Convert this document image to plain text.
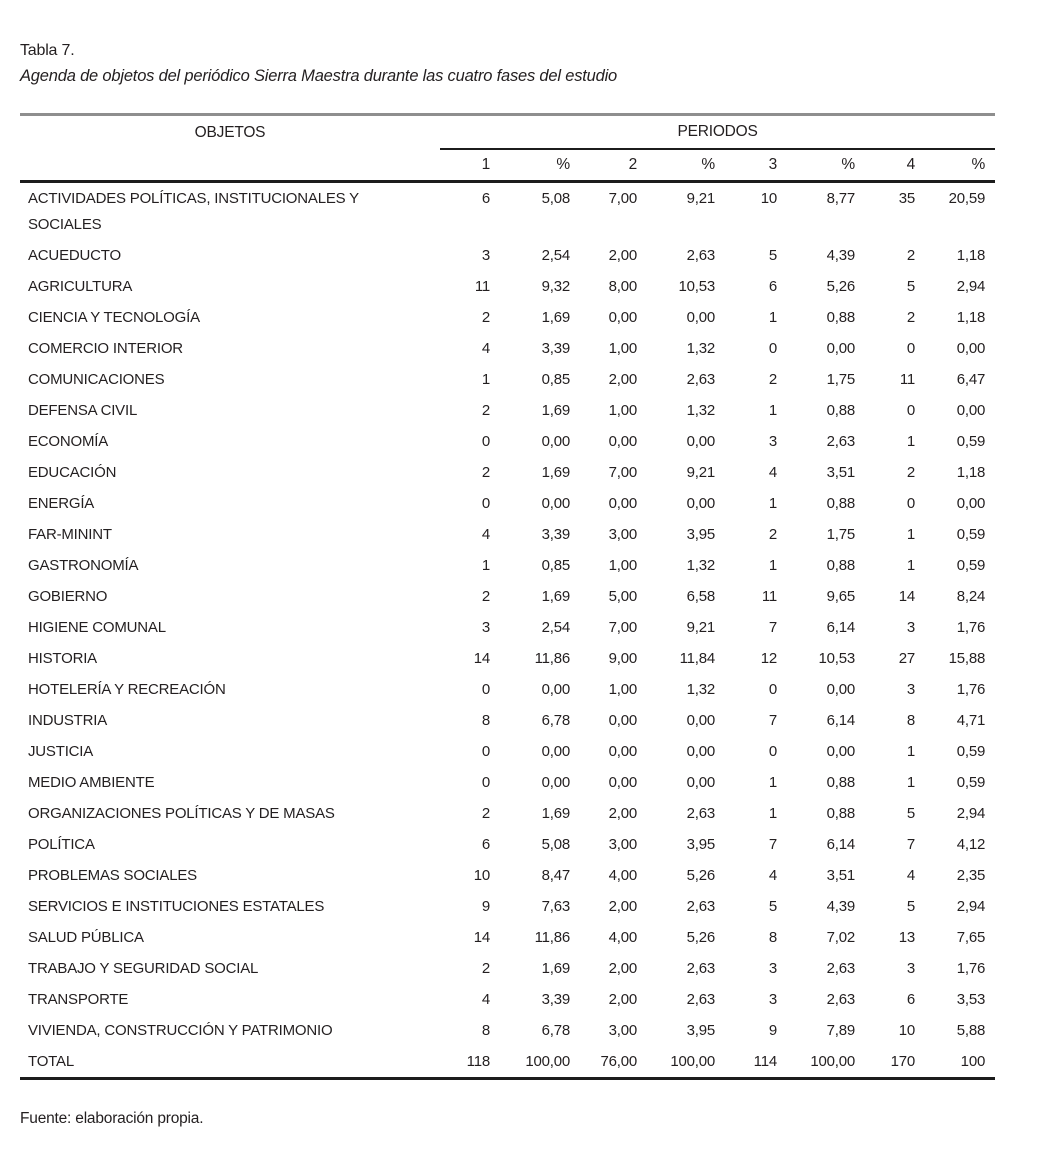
Tabla 7.

Agenda de objetos del periódico Sierra Maestra durante las cuatro fases del estudio

OBJETOS	PERIODOS							
	1	%	2	%	3	%	4	%
ACTIVIDADES POLÍTICAS, INSTITUCIONALES Y SOCIALES	6	5,08	7,00	9,21	10	8,77	35	20,59
ACUEDUCTO	3	2,54	2,00	2,63	5	4,39	2	1,18
AGRICULTURA	11	9,32	8,00	10,53	6	5,26	5	2,94
CIENCIA Y TECNOLOGÍA	2	1,69	0,00	0,00	1	0,88	2	1,18
COMERCIO INTERIOR	4	3,39	1,00	1,32	0	0,00	0	0,00
COMUNICACIONES	1	0,85	2,00	2,63	2	1,75	11	6,47
DEFENSA CIVIL	2	1,69	1,00	1,32	1	0,88	0	0,00
ECONOMÍA	0	0,00	0,00	0,00	3	2,63	1	0,59
EDUCACIÓN	2	1,69	7,00	9,21	4	3,51	2	1,18
ENERGÍA	0	0,00	0,00	0,00	1	0,88	0	0,00
FAR-MININT	4	3,39	3,00	3,95	2	1,75	1	0,59
GASTRONOMÍA	1	0,85	1,00	1,32	1	0,88	1	0,59
GOBIERNO	2	1,69	5,00	6,58	11	9,65	14	8,24
HIGIENE COMUNAL	3	2,54	7,00	9,21	7	6,14	3	1,76
HISTORIA	14	11,86	9,00	11,84	12	10,53	27	15,88
HOTELERÍA Y RECREACIÓN	0	0,00	1,00	1,32	0	0,00	3	1,76
INDUSTRIA	8	6,78	0,00	0,00	7	6,14	8	4,71
JUSTICIA	0	0,00	0,00	0,00	0	0,00	1	0,59
MEDIO AMBIENTE	0	0,00	0,00	0,00	1	0,88	1	0,59
ORGANIZACIONES POLÍTICAS Y DE MASAS	2	1,69	2,00	2,63	1	0,88	5	2,94
POLÍTICA	6	5,08	3,00	3,95	7	6,14	7	4,12
PROBLEMAS SOCIALES	10	8,47	4,00	5,26	4	3,51	4	2,35
SERVICIOS E INSTITUCIONES ESTATALES	9	7,63	2,00	2,63	5	4,39	5	2,94
SALUD PÚBLICA	14	11,86	4,00	5,26	8	7,02	13	7,65
TRABAJO Y SEGURIDAD SOCIAL	2	1,69	2,00	2,63	3	2,63	3	1,76
TRANSPORTE	4	3,39	2,00	2,63	3	2,63	6	3,53
VIVIENDA, CONSTRUCCIÓN Y PATRIMONIO	8	6,78	3,00	3,95	9	7,89	10	5,88
TOTAL	118	100,00	76,00	100,00	114	100,00	170	100

Fuente: elaboración propia.
